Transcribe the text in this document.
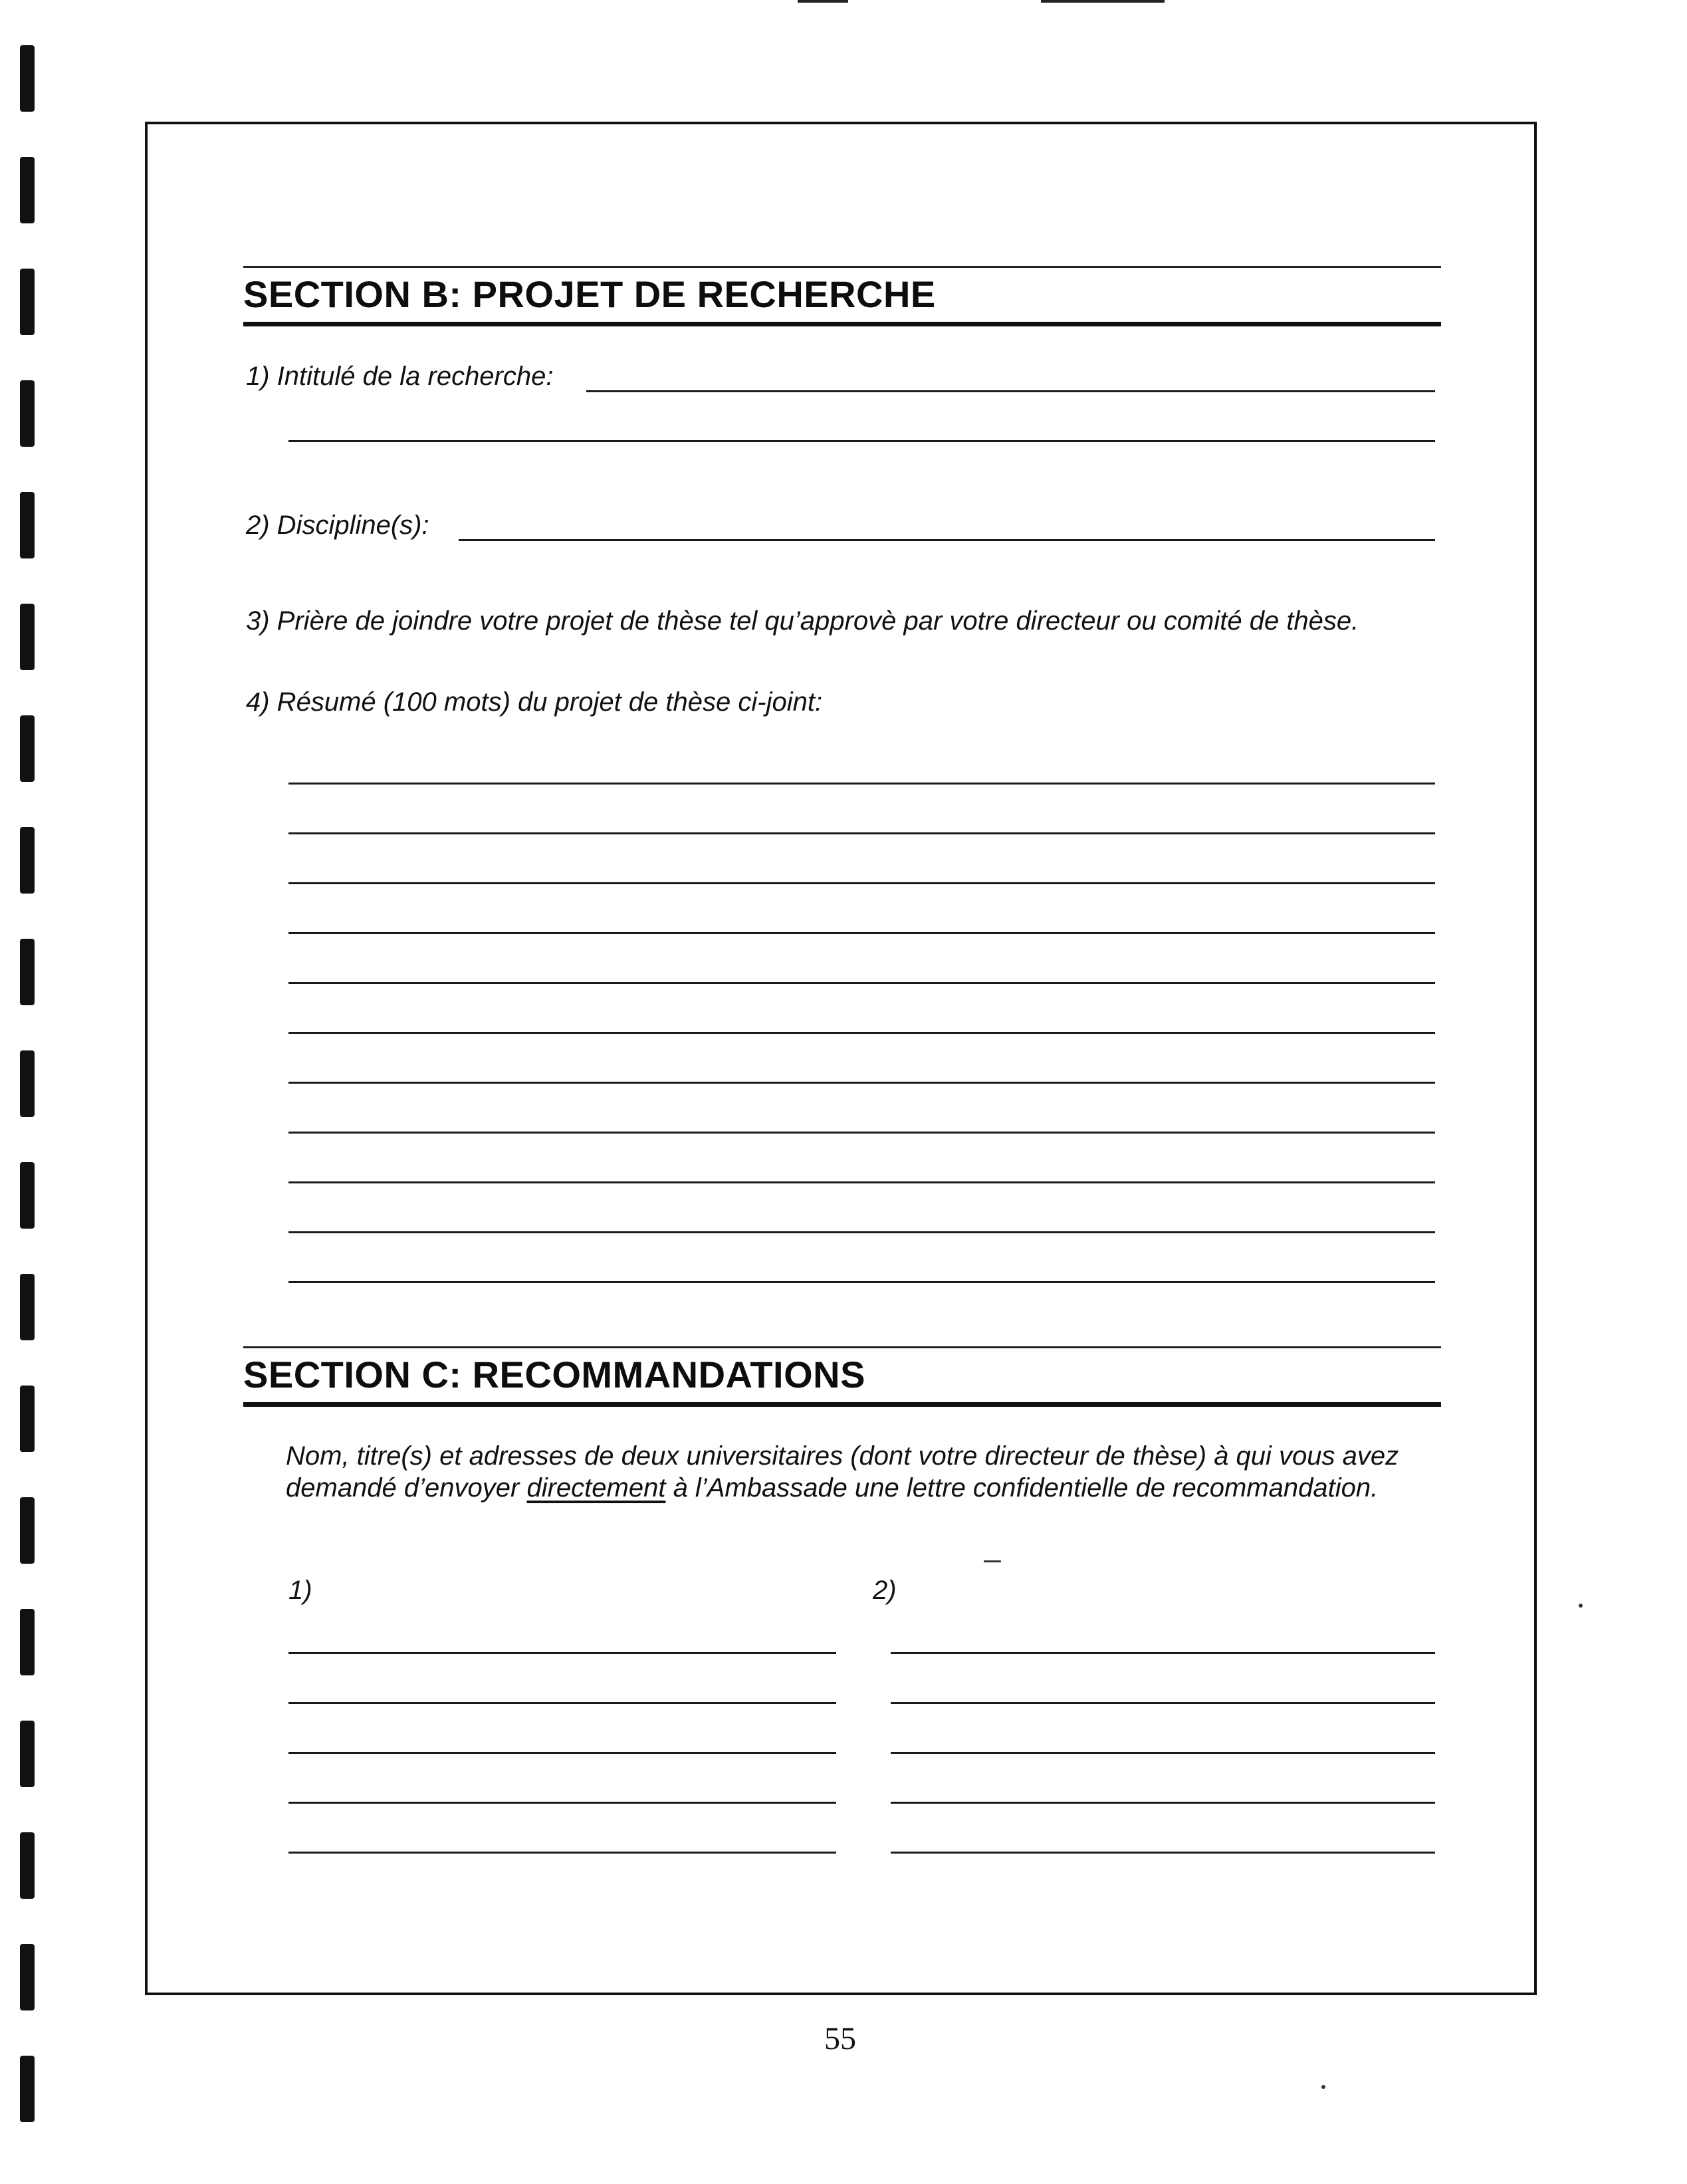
SECTION B: PROJET DE RECHERCHE
1) Intitulé de la recherche:
2) Discipline(s):
3) Prière de joindre votre projet de thèse tel qu’approvè par votre directeur ou comité de thèse.
4) Résumé (100 mots) du projet de thèse ci-joint:
SECTION C: RECOMMANDATIONS

Nom, titre(s) et adresses de deux universitaires (dont votre directeur de thèse) à qui vous avez demandé d’envoyer directement à l’Ambassade une lettre confidentielle de recommandation.

1)	2)
55
